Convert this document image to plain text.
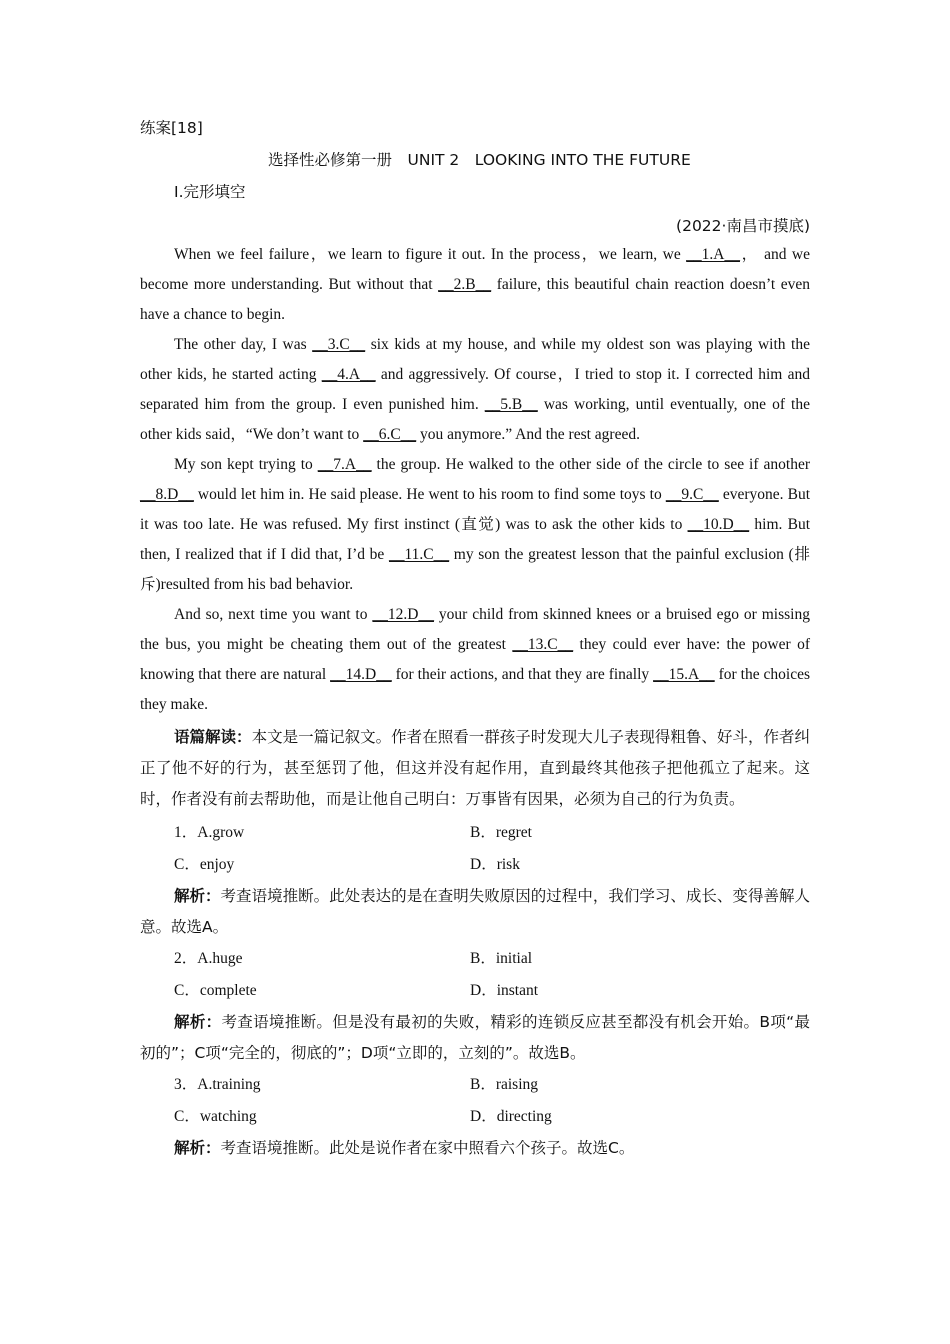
练案[18]
选择性必修第一册　UNIT 2　LOOKING INTO THE FUTURE
Ⅰ.完形填空
(2022·南昌市摸底)

When we feel failure，we learn to figure it out. In the process，we learn, we __1.A__， and we become more understanding. But without that __2.B__ failure, this beautiful chain reaction doesn’t even have a chance to begin.

The other day, I was __3.C__ six kids at my house, and while my oldest son was playing with the other kids, he started acting __4.A__ and aggressively. Of course，I tried to stop it. I corrected him and separated him from the group. I even punished him. __5.B__ was working, until eventually, one of the other kids said，“We don’t want to __6.C__ you anymore.” And the rest agreed.

My son kept trying to __7.A__ the group. He walked to the other side of the circle to see if another __8.D__ would let him in. He said please. He went to his room to find some toys to __9.C__ everyone. But it was too late. He was refused. My first instinct (直觉) was to ask the other kids to __10.D__ him. But then, I realized that if I did that, I’d be __11.C__ my son the greatest lesson that the painful exclusion (排斥)resulted from his bad behavior.

And so, next time you want to __12.D__ your child from skinned knees or a bruised ego or missing the bus, you might be cheating them out of the greatest __13.C__ they could ever have: the power of knowing that there are natural __14.D__ for their actions, and that they are finally __15.A__ for the choices they make.

语篇解读：本文是一篇记叙文。作者在照看一群孩子时发现大儿子表现得粗鲁、好斗，作者纠正了他不好的行为，甚至惩罚了他，但这并没有起作用，直到最终其他孩子把他孤立了起来。这时，作者没有前去帮助他，而是让他自己明白：万事皆有因果，必须为自己的行为负责。

1．A.grow	B．regret
C．enjoy	D．risk

解析：考查语境推断。此处表达的是在查明失败原因的过程中，我们学习、成长、变得善解人意。故选A。

2．A.huge	B．initial
C．complete	D．instant

解析：考查语境推断。但是没有最初的失败，精彩的连锁反应甚至都没有机会开始。B项“最初的”；C项“完全的，彻底的”；D项“立即的，立刻的”。故选B。

3．A.training	B．raising
C．watching	D．directing

解析：考查语境推断。此处是说作者在家中照看六个孩子。故选C。
